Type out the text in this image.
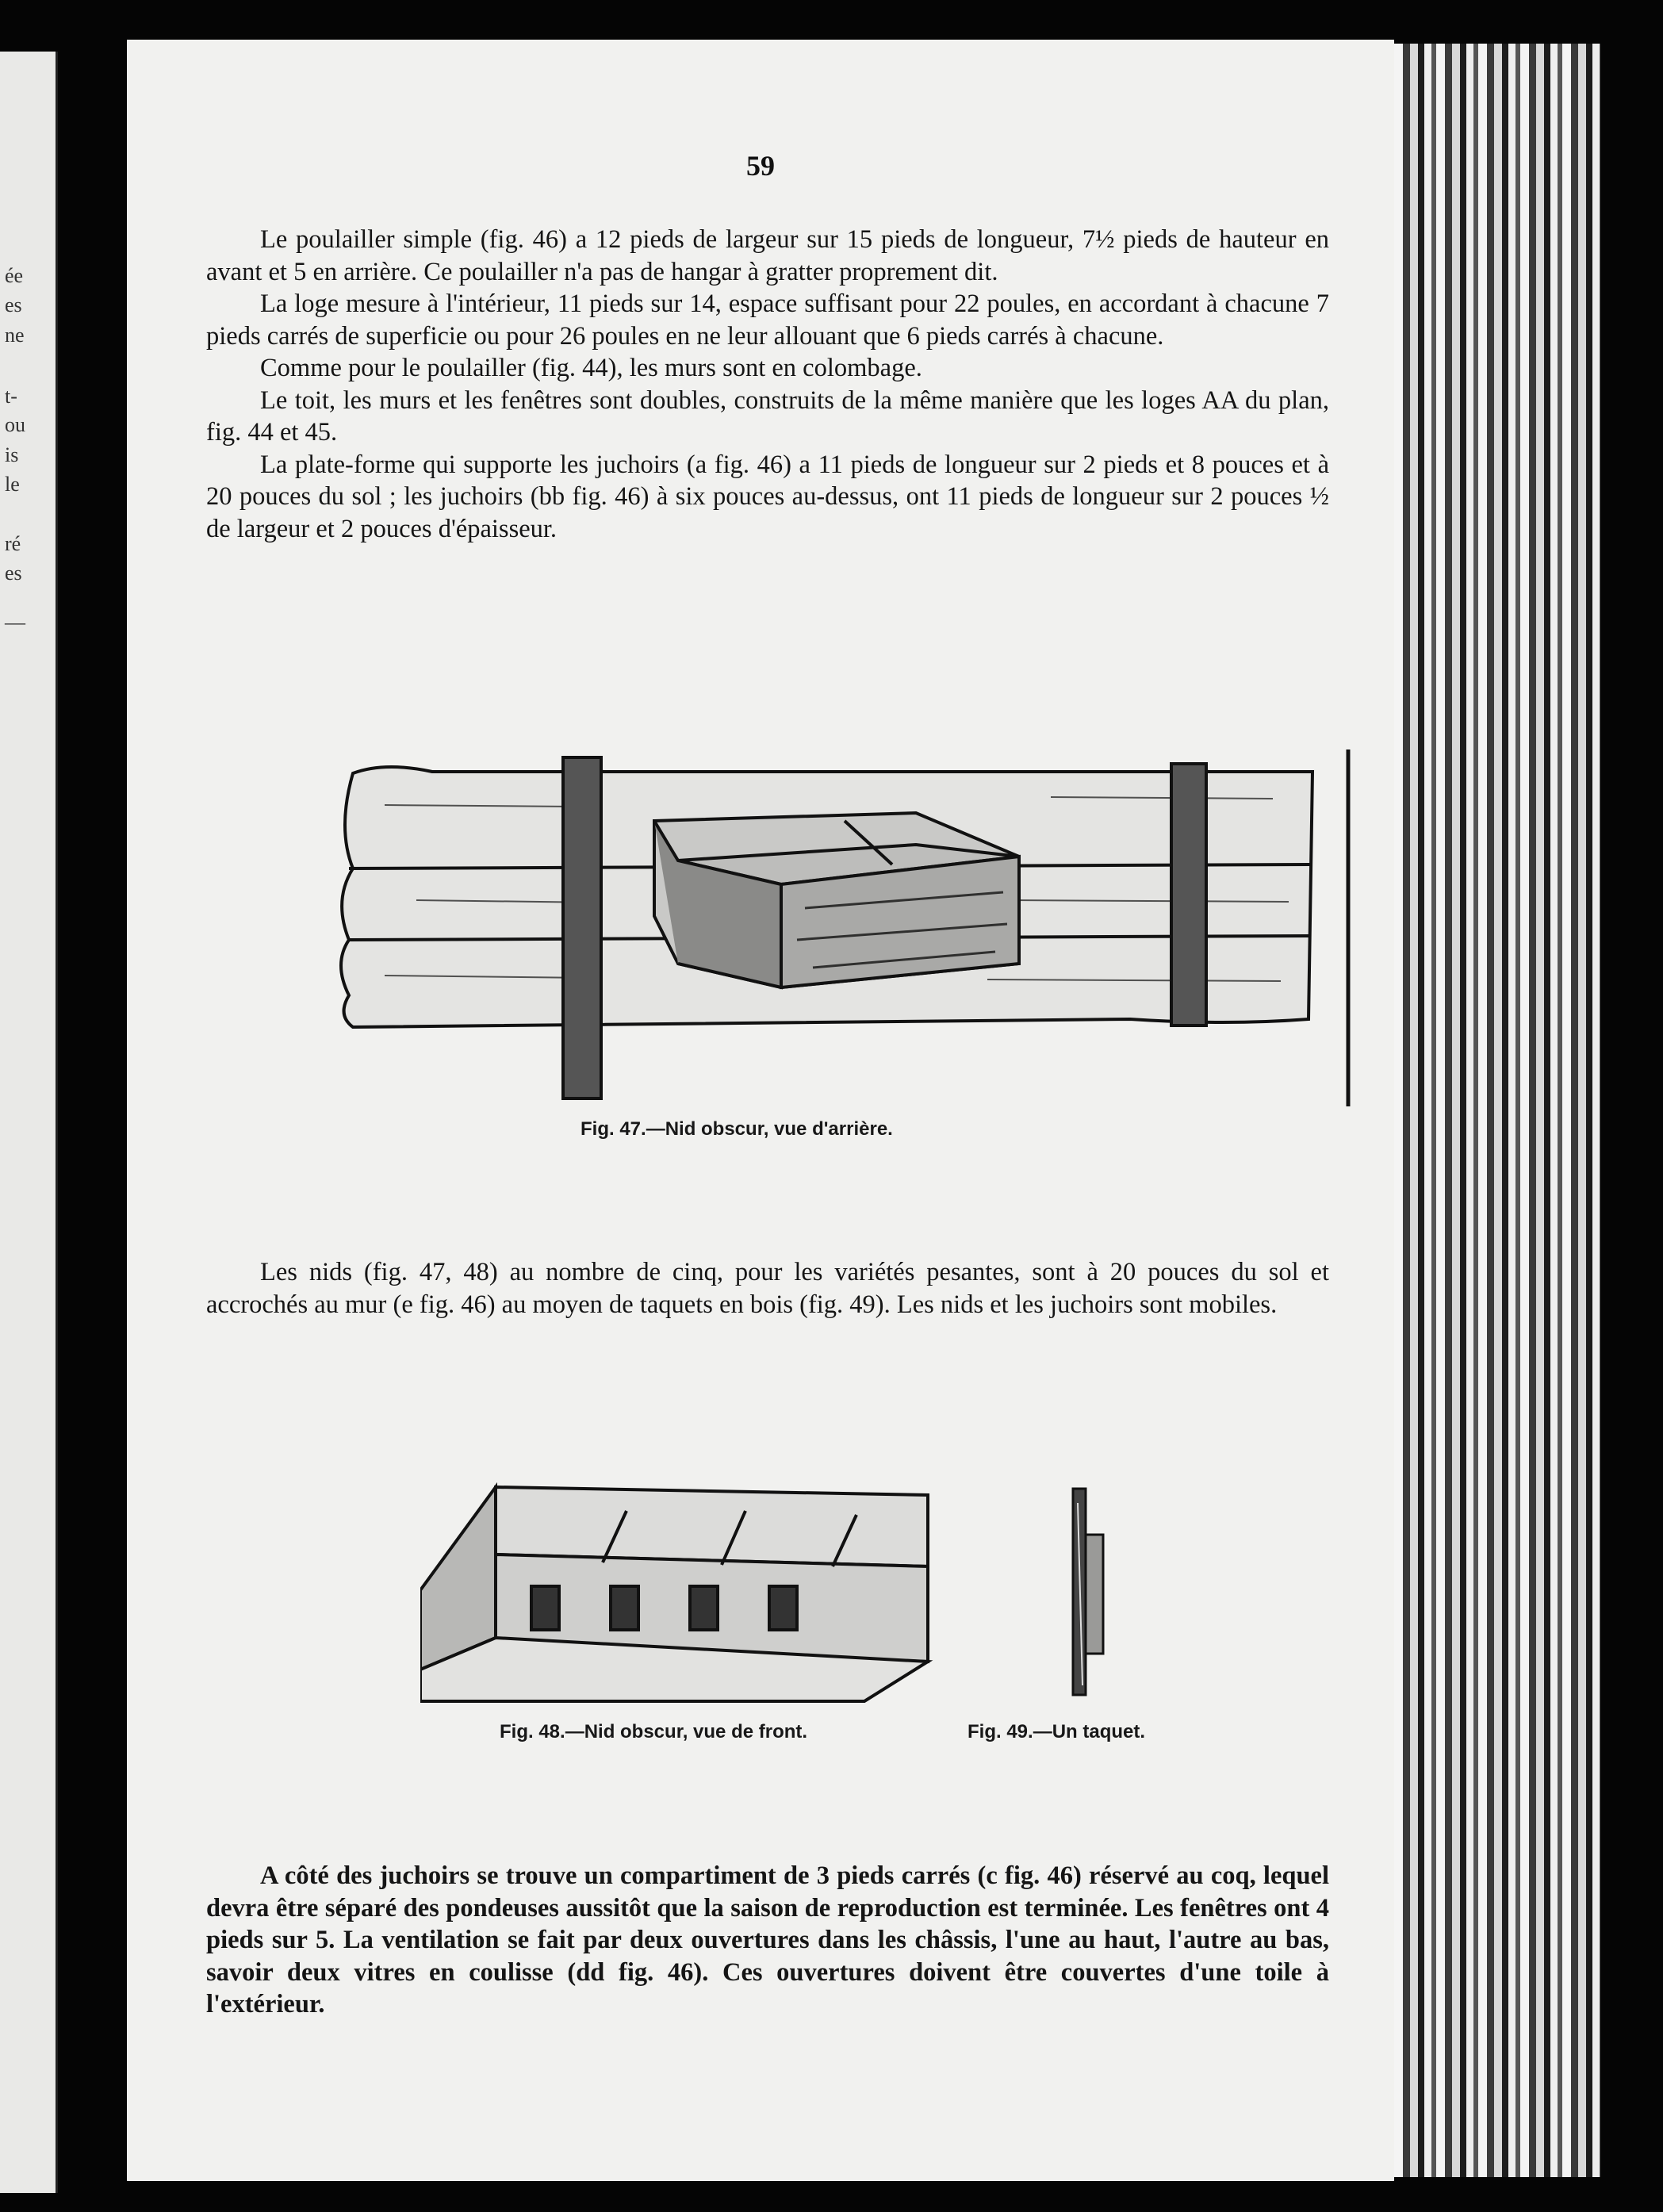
ée
es
ne
t-
ou
is
le
ré
es
—
59

Le poulailler simple (fig. 46) a 12 pieds de largeur sur 15 pieds de longueur, 7½ pieds de hauteur en avant et 5 en arrière. Ce poulailler n'a pas de hangar à gratter proprement dit.

La loge mesure à l'intérieur, 11 pieds sur 14, espace suffisant pour 22 poules, en accordant à chacune 7 pieds carrés de superficie ou pour 26 poules en ne leur allouant que 6 pieds carrés à chacune.

Comme pour le poulailler (fig. 44), les murs sont en colombage.

Le toit, les murs et les fenêtres sont doubles, construits de la même manière que les loges AA du plan, fig. 44 et 45.

La plate-forme qui supporte les juchoirs (a fig. 46) a 11 pieds de longueur sur 2 pieds et 8 pouces et à 20 pouces du sol ; les juchoirs (bb fig. 46) à six pouces au-dessus, ont 11 pieds de longueur sur 2 pouces ½ de largeur et 2 pouces d'épaisseur.

Fig. 47.—Nid obscur, vue d'arrière.

Les nids (fig. 47, 48) au nombre de cinq, pour les variétés pesantes, sont à 20 pouces du sol et accrochés au mur (e fig. 46) au moyen de taquets en bois (fig. 49). Les nids et les juchoirs sont mobiles.

Fig. 48.—Nid obscur, vue de front.	Fig. 49.—Un taquet.

A côté des juchoirs se trouve un compartiment de 3 pieds carrés (c fig. 46) réservé au coq, lequel devra être séparé des pondeuses aussitôt que la saison de reproduction est terminée. Les fenêtres ont 4 pieds sur 5. La ventilation se fait par deux ouvertures dans les châssis, l'une au haut, l'autre au bas, savoir deux vitres en coulisse (dd fig. 46). Ces ouvertures doivent être couvertes d'une toile à l'extérieur.
